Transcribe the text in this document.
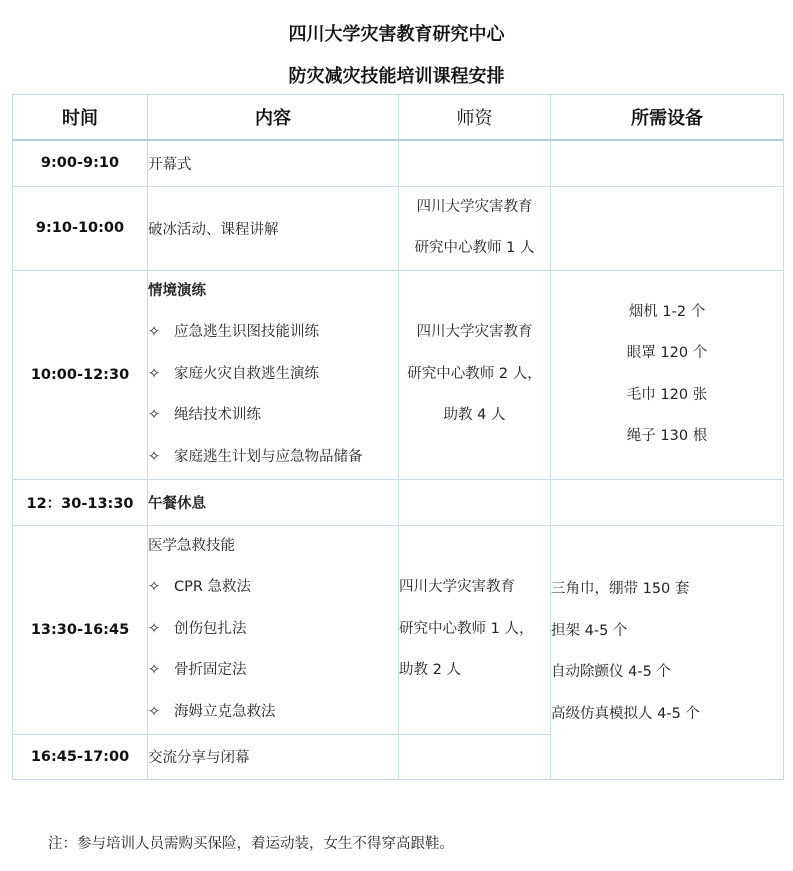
四川大学灾害教育研究中心
防灾减灾技能培训课程安排
时间	内容	师资	所需设备
9:00-9:10	开幕式		
9:10-10:00	破冰活动、课程讲解	四川大学灾害教育
研究中心教师 1 人	

10:00-12:30	情境演练
✧ 应急逃生识图技能训练
✧ 家庭火灾自救逃生演练
✧ 绳结技术训练
✧ 家庭逃生计划与应急物品储备	四川大学灾害教育
研究中心教师 2 人，
助教 4 人	烟机 1-2 个
眼罩 120 个
毛巾 120 张
绳子 130 根

12：30-13:30	午餐休息		
13:30-16:45	医学急救技能
✧ CPR 急救法
✧ 创伤包扎法
✧ 骨折固定法
✧ 海姆立克急救法	四川大学灾害教育
研究中心教师 1 人，
助教 2 人	三角巾，绷带 150 套
担架 4-5 个
自动除颤仪 4-5 个
高级仿真模拟人 4-5 个

16:45-17:00	交流分享与闭幕		
注：参与培训人员需购买保险，着运动装，女生不得穿高跟鞋。
